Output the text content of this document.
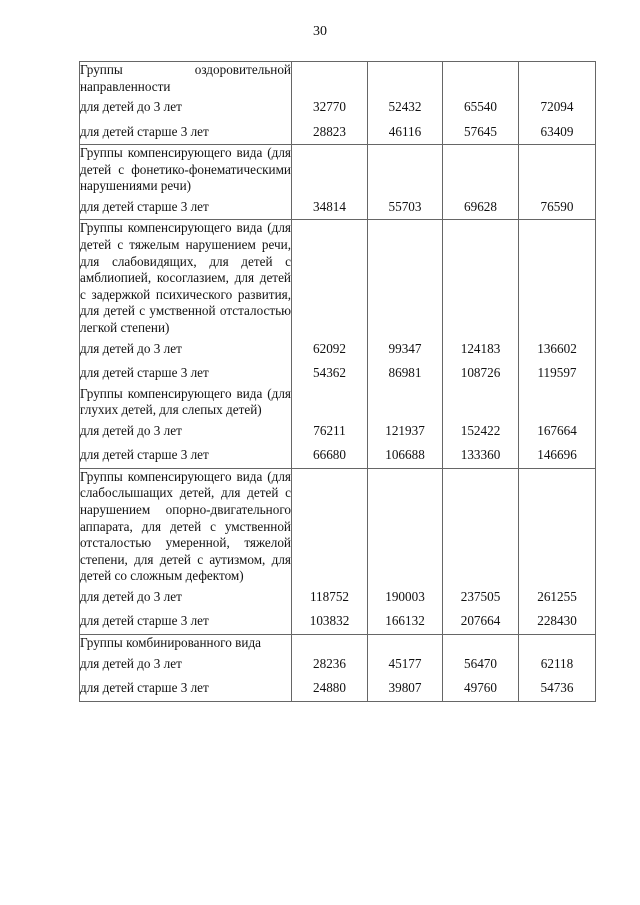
30
Группы оздоровительной направленности				
для детей до 3 лет	32770	52432	65540	72094
для детей старше 3 лет	28823	46116	57645	63409
Группы компенсирующего вида (для детей с фонетико-фонематическими нарушениями речи)				
для детей старше 3 лет	34814	55703	69628	76590
Группы компенсирующего вида (для детей с тяжелым нарушением речи, для слабовидящих, для детей с амблиопией, косоглазием, для детей с задержкой психического развития, для детей с умственной отсталостью легкой степени)				
для детей до 3 лет	62092	99347	124183	136602
для детей старше 3 лет	54362	86981	108726	119597
Группы компенсирующего вида (для глухих детей, для слепых детей)				
для детей до 3 лет	76211	121937	152422	167664
для детей старше 3 лет	66680	106688	133360	146696
Группы компенсирующего вида (для слабослышащих детей, для детей с нарушением опорно-двигательного аппарата, для детей с умственной отсталостью умеренной, тяжелой степени, для детей с аутизмом, для детей со сложным дефектом)				
для детей до 3 лет	118752	190003	237505	261255
для детей старше 3 лет	103832	166132	207664	228430
Группы комбинированного вида				
для детей до 3 лет	28236	45177	56470	62118
для детей старше 3 лет	24880	39807	49760	54736
